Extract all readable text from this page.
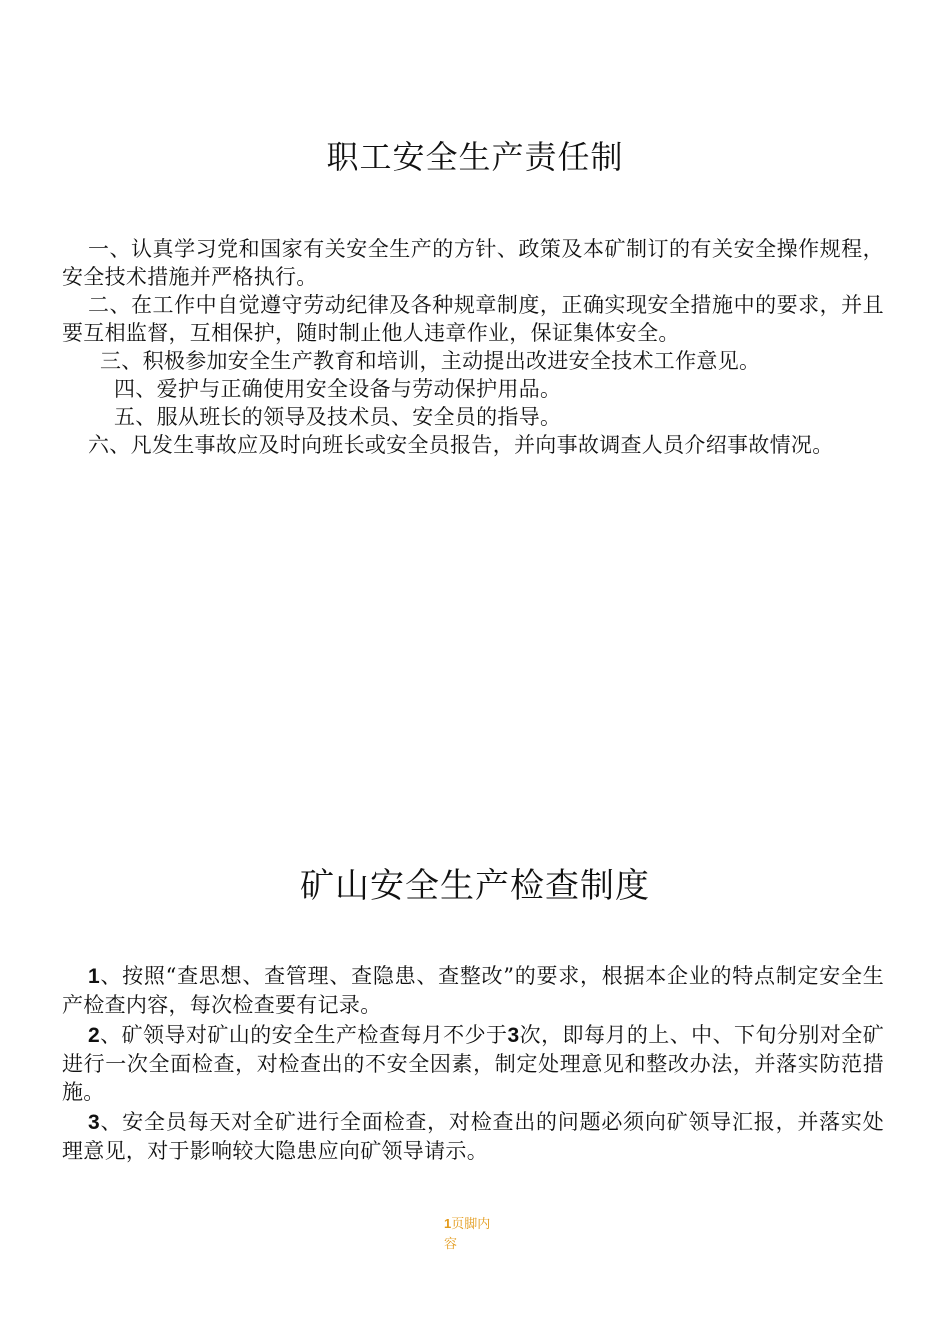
职工安全生产责任制

一、认真学习党和国家有关安全生产的方针、政策及本矿制订的有关安全操作规程，安全技术措施并严格执行。

二、在工作中自觉遵守劳动纪律及各种规章制度，正确实现安全措施中的要求，并且要互相监督，互相保护，随时制止他人违章作业，保证集体安全。

三、积极参加安全生产教育和培训，主动提出改进安全技术工作意见。

四、爱护与正确使用安全设备与劳动保护用品。

五、服从班长的领导及技术员、安全员的指导。

六、凡发生事故应及时向班长或安全员报告，并向事故调查人员介绍事故情况。

矿山安全生产检查制度

1、按照“查思想、查管理、查隐患、查整改”的要求，根据本企业的特点制定安全生产检查内容，每次检查要有记录。

2、矿领导对矿山的安全生产检查每月不少于3次，即每月的上、中、下旬分别对全矿进行一次全面检查，对检查出的不安全因素，制定处理意见和整改办法，并落实防范措施。

3、安全员每天对全矿进行全面检查，对检查出的问题必须向矿领导汇报，并落实处理意见，对于影响较大隐患应向矿领导请示。

1页脚内容
